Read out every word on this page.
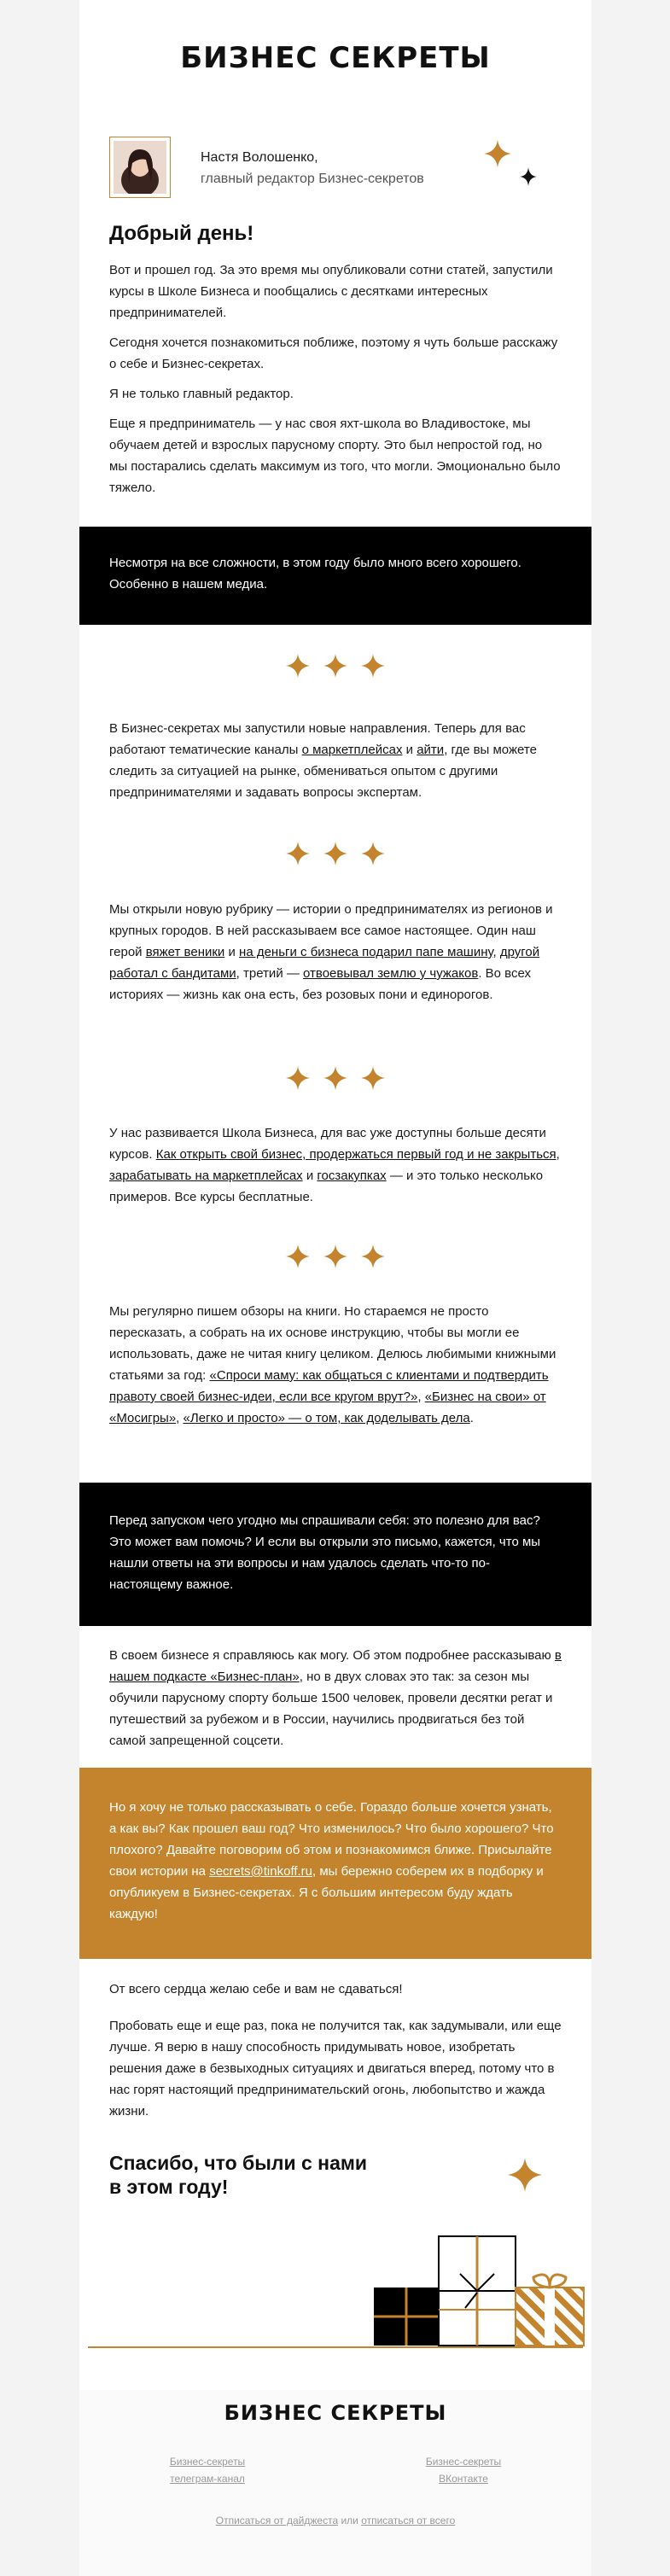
БИЗНЕС СЕКРЕТЫ
Настя Волошенко,
главный редактор Бизнес-секретов
Добрый день!

Вот и прошел год. За это время мы опубликовали сотни статей, запустили курсы в Школе Бизнеса и пообщались с десятками интересных предпринимателей.

Сегодня хочется познакомиться поближе, поэтому я чуть больше расскажу о себе и Бизнес-секретах.

Я не только главный редактор.

Еще я предприниматель — у нас своя яхт-школа во Владивостоке, мы обучаем детей и взрослых парусному спорту. Это был непростой год, но мы постарались сделать максимум из того, что могли. Эмоционально было тяжело.

Несмотря на все сложности, в этом году было много всего хорошего. Особенно в нашем медиа.
В Бизнес-секретах мы запустили новые направления. Теперь для вас работают тематические каналы о маркетплейсах и айти, где вы можете следить за ситуацией на рынке, обмениваться опытом с другими предпринимателями и задавать вопросы экспертам.
Мы открыли новую рубрику — истории о предпринимателях из регионов и крупных городов. В ней рассказываем все самое настоящее. Один наш герой вяжет веники и на деньги с бизнеса подарил папе машину, другой работал с бандитами, третий — отвоевывал землю у чужаков. Во всех историях — жизнь как она есть, без розовых пони и единорогов.
У нас развивается Школа Бизнеса, для вас уже доступны больше десяти курсов. Как открыть свой бизнес, продержаться первый год и не закрыться, зарабатывать на маркетплейсах и госзакупках — и это только несколько примеров. Все курсы бесплатные.
Мы регулярно пишем обзоры на книги. Но стараемся не просто пересказать, а собрать на их основе инструкцию, чтобы вы могли ее использовать, даже не читая книгу целиком. Делюсь любимыми книжными статьями за год: «Спроси маму: как общаться с клиентами и подтвердить правоту своей бизнес-идеи, если все кругом врут?», «Бизнес на свои» от «Мосигры», «Легко и просто» — о том, как доделывать дела.
Перед запуском чего угодно мы спрашивали себя: это полезно для вас? Это может вам помочь? И если вы открыли это письмо, кажется, что мы нашли ответы на эти вопросы и нам удалось сделать что-то по-настоящему важное.
В своем бизнесе я справляюсь как могу. Об этом подробнее рассказываю в нашем подкасте «Бизнес-план», но в двух словах это так: за сезон мы обучили парусному спорту больше 1500 человек, провели десятки регат и путешествий за рубежом и в России, научились продвигаться без той самой запрещенной соцсети.
Но я хочу не только рассказывать о себе. Гораздо больше хочется узнать, а как вы? Как прошел ваш год? Что изменилось? Что было хорошего? Что плохого? Давайте поговорим об этом и познакомимся ближе. Присылайте свои истории на secrets@tinkoff.ru, мы бережно соберем их в подборку и опубликуем в Бизнес-секретах. Я с большим интересом буду ждать каждую!

От всего сердца желаю себе и вам не сдаваться!

Пробовать еще и еще раз, пока не получится так, как задумывали, или еще лучше. Я верю в нашу способность придумывать новое, изобретать решения даже в безвыходных ситуациях и двигаться вперед, потому что в нас горят настоящий предпринимательский огонь, любопытство и жажда жизни.

Спасибо, что были с нами
в этом году!
БИЗНЕС СЕКРЕТЫ
Бизнес-секреты
телеграм-канал
Бизнес-секреты
ВКонтакте
Отписаться от дайджеста или отписаться от всего
